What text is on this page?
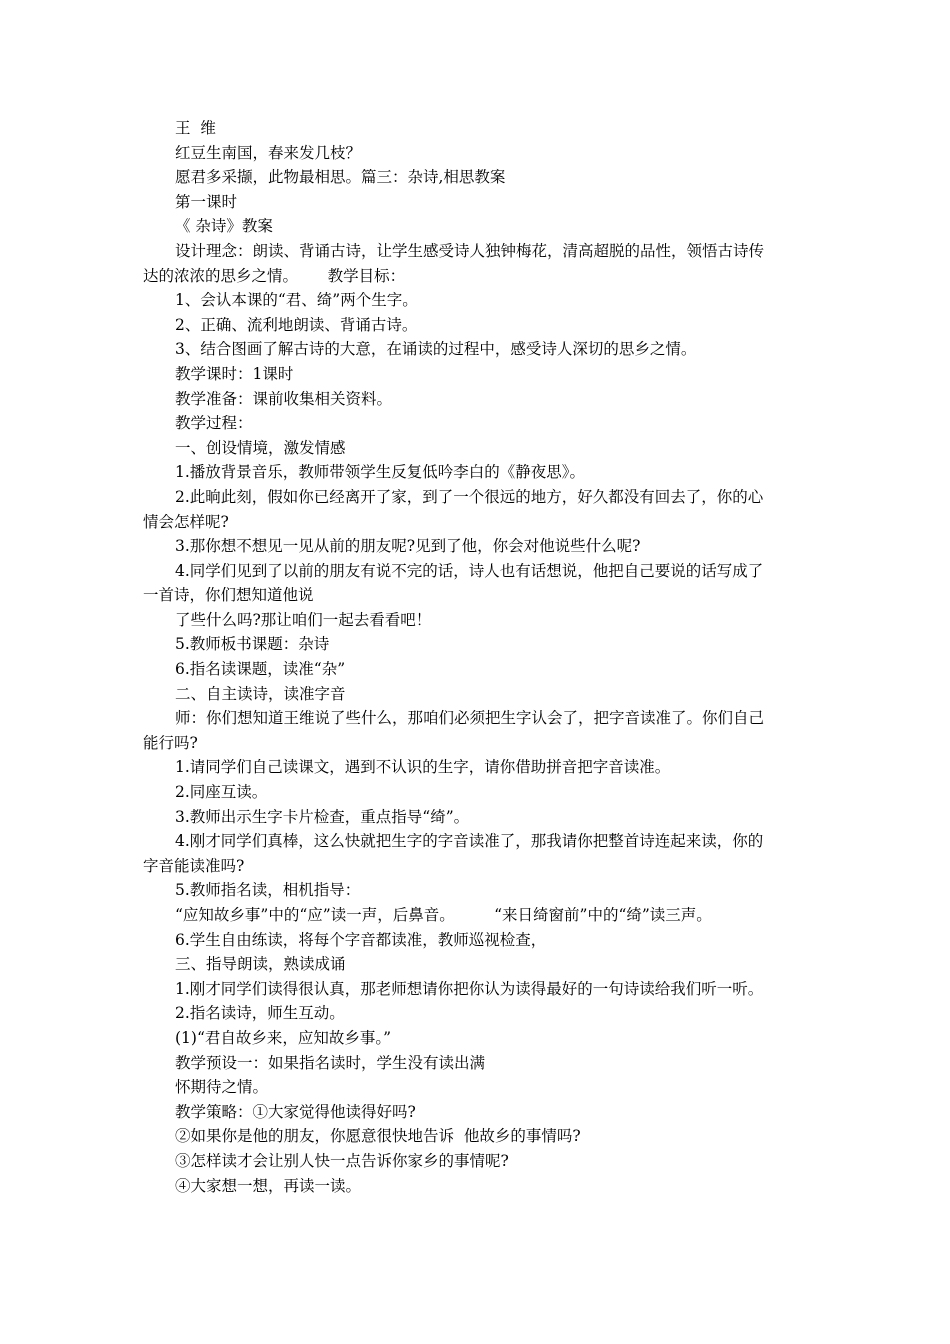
王  维
红豆生南国，春来发几枝？
愿君多采撷，此物最相思。篇三：杂诗,相思教案
第一课时
《 杂诗》教案
设计理念：朗读、背诵古诗，让学生感受诗人独钟梅花，清高超脱的品性，领悟古诗传
达的浓浓的思乡之情。      教学目标：
1、会认本课的“君、绮”两个生字。
2、正确、流利地朗读、背诵古诗。
3、结合图画了解古诗的大意，在诵读的过程中，感受诗人深切的思乡之情。
教学课时：1课时
教学准备：课前收集相关资料。
教学过程：
一、创设情境，激发情感
1.播放背景音乐，教师带领学生反复低吟李白的《静夜思》。
2.此晌此刻，假如你已经离开了家，到了一个很远的地方，好久都没有回去了，你的心
情会怎样呢?
3.那你想不想见一见从前的朋友呢?见到了他，你会对他说些什么呢?
4.同学们见到了以前的朋友有说不完的话，诗人也有话想说，他把自己要说的话写成了
一首诗，你们想知道他说
了些什么吗?那让咱们一起去看看吧！
5.教师板书课题：杂诗
6.指名读课题，读准“杂”
二、自主读诗，读准字音
师：你们想知道王维说了些什么，那咱们必须把生字认会了，把字音读准了。你们自己
能行吗?
1.请同学们自己读课文，遇到不认识的生字，请你借助拼音把字音读准。
2.同座互读。
3.教师出示生字卡片检查，重点指导“绮”。
4.刚才同学们真棒，这么快就把生字的字音读准了，那我请你把整首诗连起来读，你的
字音能读准吗?
5.教师指名读，相机指导：
“应知故乡事”中的“应”读一声，后鼻音。        “来日绮窗前”中的“绮”读三声。
6.学生自由练读，将每个字音都读准，教师巡视检查，
三、指导朗读，熟读成诵
1.刚才同学们读得很认真，那老师想请你把你认为读得最好的一句诗读给我们听一听。
2.指名读诗，师生互动。
(1)“君自故乡来，应知故乡事。”
教学预设一：如果指名读时，学生没有读出满
怀期待之情。
教学策略：①大家觉得他读得好吗?
②如果你是他的朋友，你愿意很快地告诉  他故乡的事情吗?
③怎样读才会让别人快一点告诉你家乡的事情呢?
④大家想一想，再读一读。
